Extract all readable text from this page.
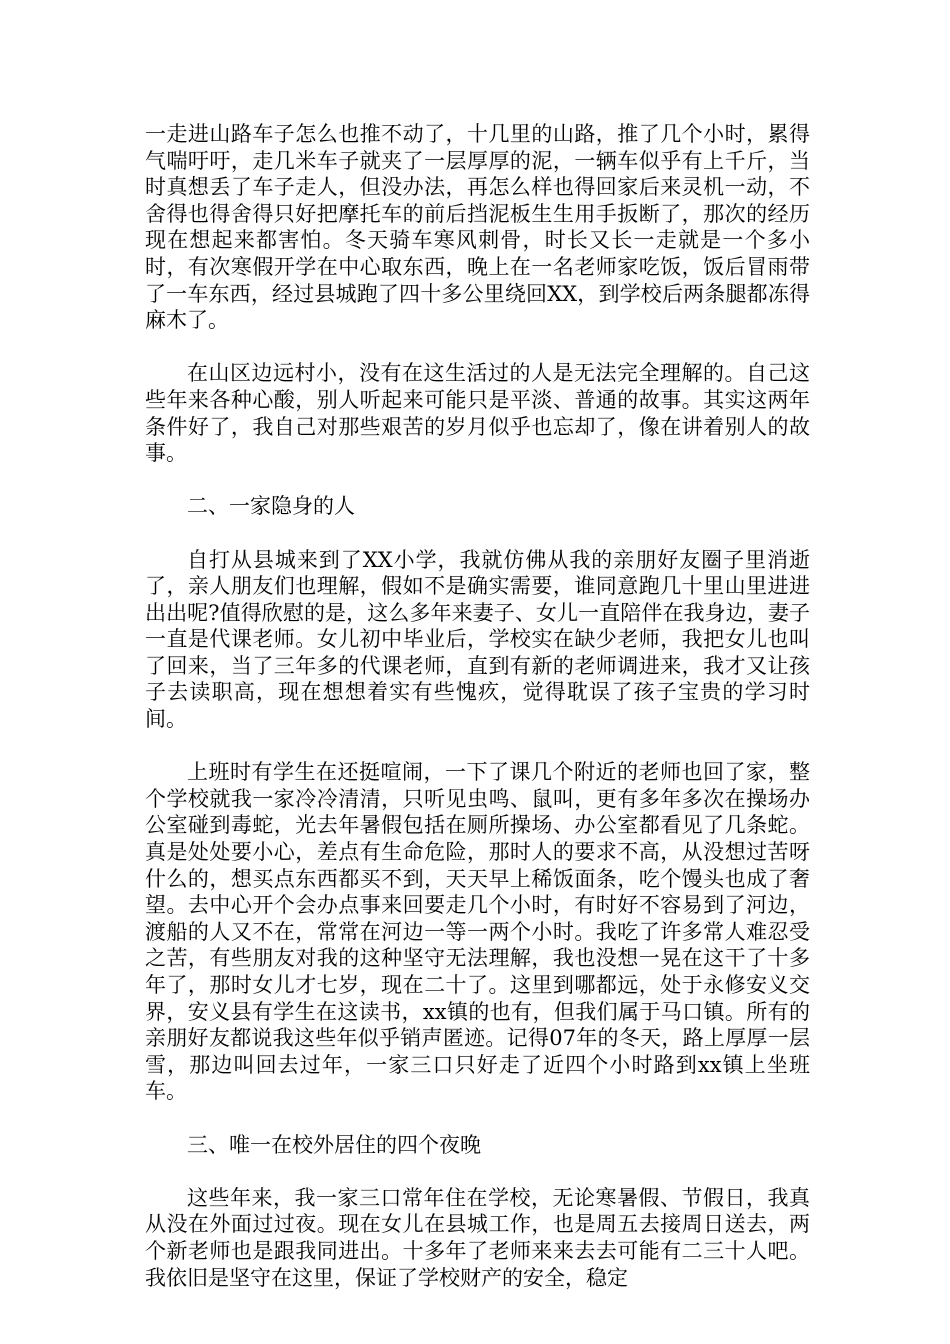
一走进山路车子怎么也推不动了，十几里的山路，推了几个小时，累得气喘吁吁，走几米车子就夹了一层厚厚的泥，一辆车似乎有上千斤，当时真想丢了车子走人，但没办法，再怎么样也得回家后来灵机一动，不舍得也得舍得只好把摩托车的前后挡泥板生生用手扳断了，那次的经历现在想起来都害怕。冬天骑车寒风刺骨，时长又长一走就是一个多小时，有次寒假开学在中心取东西，晚上在一名老师家吃饭，饭后冒雨带了一车东西，经过县城跑了四十多公里绕回XX，到学校后两条腿都冻得麻木了。

在山区边远村小，没有在这生活过的人是无法完全理解的。自己这些年来各种心酸，别人听起来可能只是平淡、普通的故事。其实这两年条件好了，我自己对那些艰苦的岁月似乎也忘却了，像在讲着别人的故事。

二、一家隐身的人

自打从县城来到了XX小学，我就仿佛从我的亲朋好友圈子里消逝了，亲人朋友们也理解，假如不是确实需要，谁同意跑几十里山里进进出出呢?值得欣慰的是，这么多年来妻子、女儿一直陪伴在我身边，妻子一直是代课老师。女儿初中毕业后，学校实在缺少老师，我把女儿也叫了回来，当了三年多的代课老师，直到有新的老师调进来，我才又让孩子去读职高，现在想想着实有些愧疚，觉得耽误了孩子宝贵的学习时间。

上班时有学生在还挺喧闹，一下了课几个附近的老师也回了家，整个学校就我一家冷冷清清，只听见虫鸣、鼠叫，更有多年多次在操场办公室碰到毒蛇，光去年暑假包括在厕所操场、办公室都看见了几条蛇。真是处处要小心，差点有生命危险，那时人的要求不高，从没想过苦呀什么的，想买点东西都买不到，天天早上稀饭面条，吃个馒头也成了奢望。去中心开个会办点事来回要走几个小时，有时好不容易到了河边，渡船的人又不在，常常在河边一等一两个小时。我吃了许多常人难忍受之苦，有些朋友对我的这种坚守无法理解，我也没想一晃在这干了十多年了，那时女儿才七岁，现在二十了。这里到哪都远，处于永修安义交界，安义县有学生在这读书，xx镇的也有，但我们属于马口镇。所有的亲朋好友都说我这些年似乎销声匿迹。记得07年的冬天，路上厚厚一层雪，那边叫回去过年，一家三口只好走了近四个小时路到xx镇上坐班车。

三、唯一在校外居住的四个夜晚

这些年来，我一家三口常年住在学校，无论寒暑假、节假日，我真从没在外面过过夜。现在女儿在县城工作，也是周五去接周日送去，两个新老师也是跟我同进出。十多年了老师来来去去可能有二三十人吧。我依旧是坚守在这里，保证了学校财产的安全，稳定
